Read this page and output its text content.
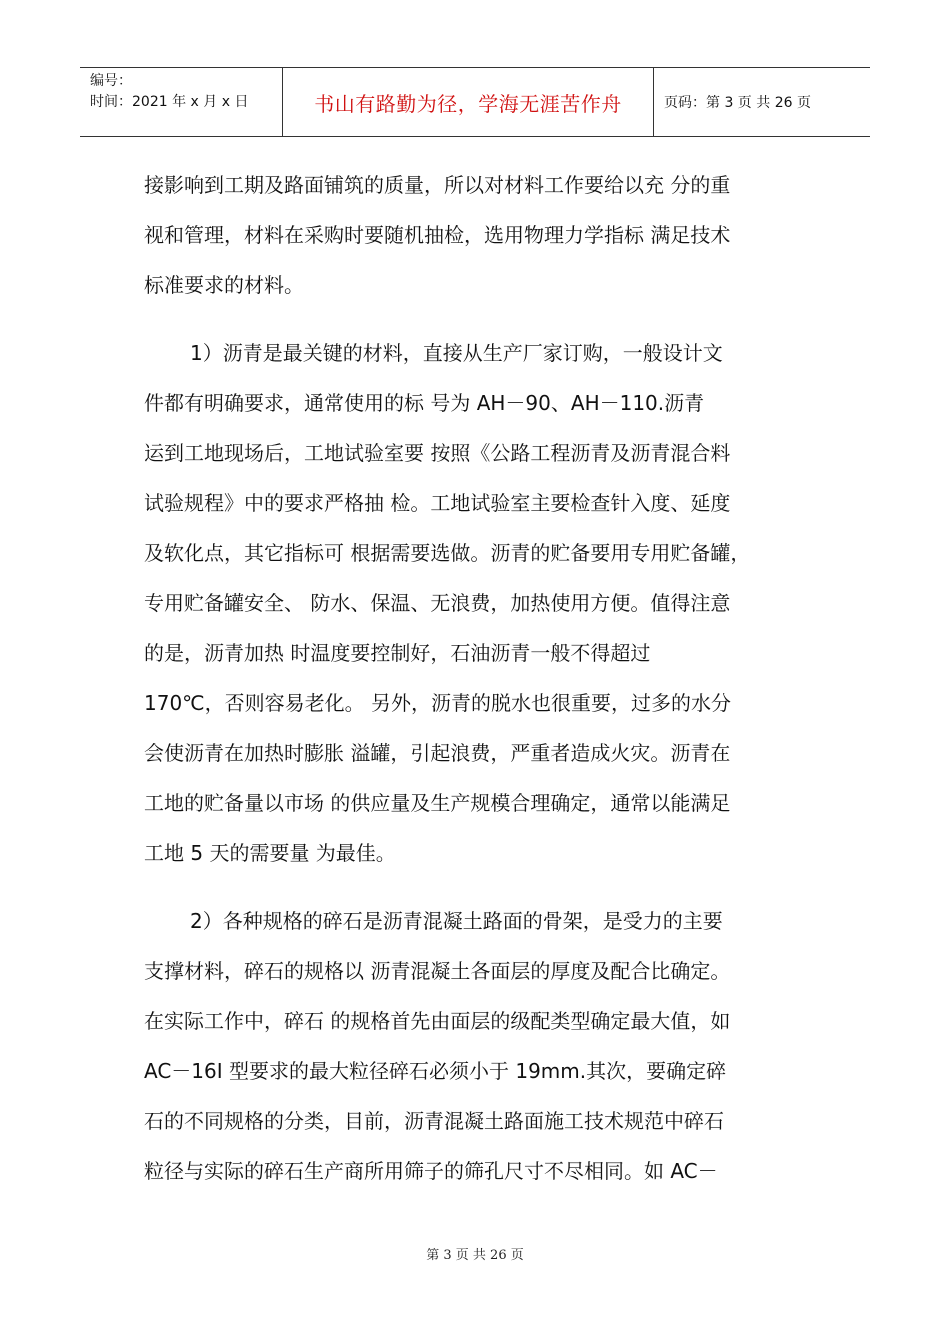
编号：
时间：2021 年 x 月 x 日	书山有路勤为径，学海无涯苦作舟	页码：第 3 页 共 26 页
接影响到工期及路面铺筑的质量，所以对材料工作要给以充 分的重
视和管理，材料在采购时要随机抽检，选用物理力学指标 满足技术
标准要求的材料。
1）沥青是最关键的材料，直接从生产厂家订购，一般设计文
件都有明确要求，通常使用的标 号为 AH－90、AH－110.沥青
运到工地现场后，工地试验室要 按照《公路工程沥青及沥青混合料
试验规程》中的要求严格抽 检。工地试验室主要检查针入度、延度
及软化点，其它指标可 根据需要选做。沥青的贮备要用专用贮备罐，
专用贮备罐安全、 防水、保温、无浪费，加热使用方便。值得注意
的是，沥青加热 时温度要控制好，石油沥青一般不得超过
170℃，否则容易老化。 另外，沥青的脱水也很重要，过多的水分
会使沥青在加热时膨胀 溢罐，引起浪费，严重者造成火灾。沥青在
工地的贮备量以市场 的供应量及生产规模合理确定，通常以能满足
工地 5 天的需要量 为最佳。
2）各种规格的碎石是沥青混凝土路面的骨架，是受力的主要
支撑材料，碎石的规格以 沥青混凝土各面层的厚度及配合比确定。
在实际工作中，碎石 的规格首先由面层的级配类型确定最大值，如
AC－16I 型要求的最大粒径碎石必须小于 19mm.其次，要确定碎
石的不同规格的分类，目前，沥青混凝土路面施工技术规范中碎石
粒径与实际的碎石生产商所用筛子的筛孔尺寸不尽相同。如 AC－
第 3 页 共 26 页
